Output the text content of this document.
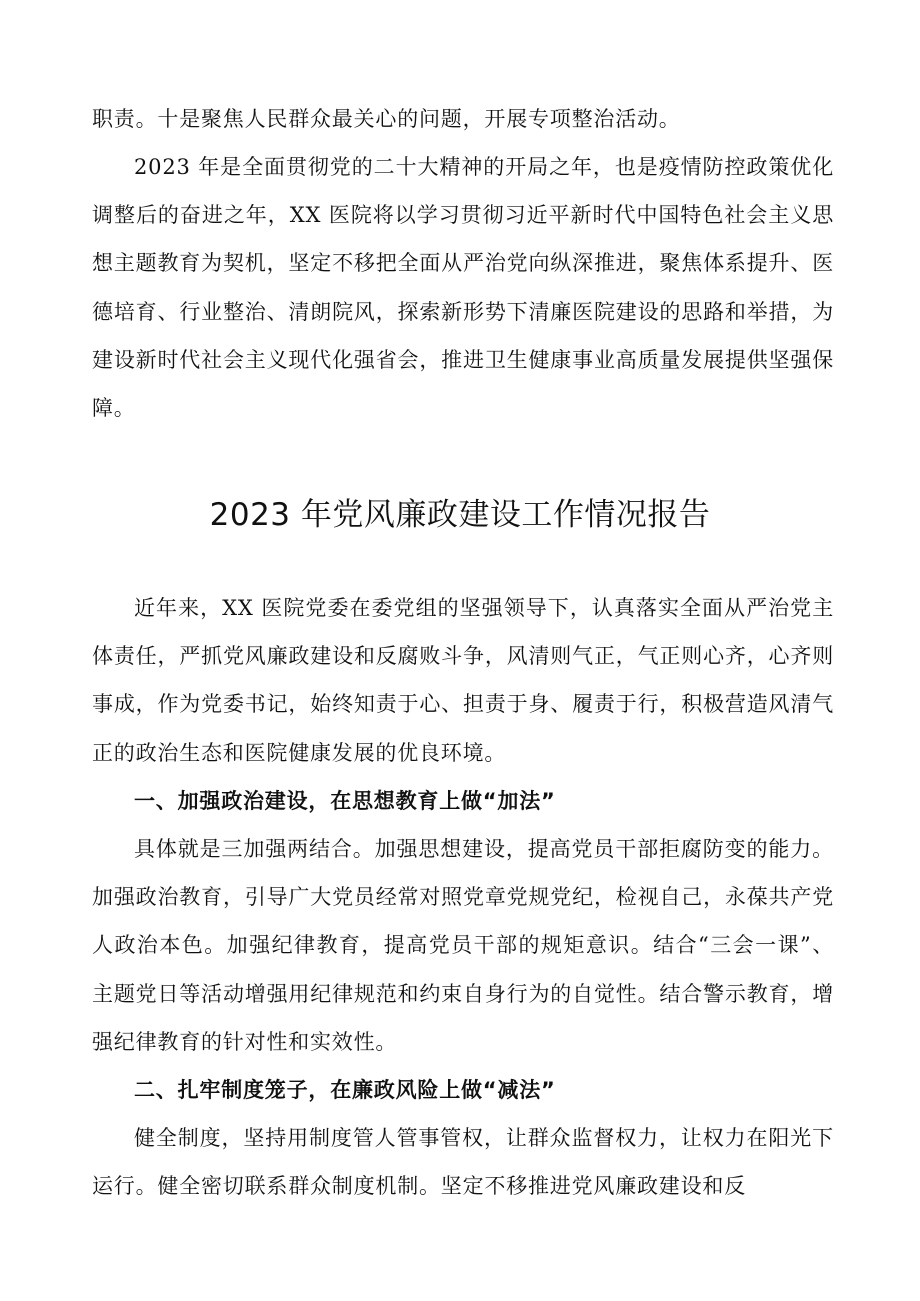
职责。十是聚焦人民群众最关心的问题，开展专项整治活动。

2023 年是全面贯彻党的二十大精神的开局之年，也是疫情防控政策优化调整后的奋进之年，XX 医院将以学习贯彻习近平新时代中国特色社会主义思想主题教育为契机，坚定不移把全面从严治党向纵深推进，聚焦体系提升、医德培育、行业整治、清朗院风，探索新形势下清廉医院建设的思路和举措，为建设新时代社会主义现代化强省会，推进卫生健康事业高质量发展提供坚强保障。

2023 年党风廉政建设工作情况报告

近年来，XX 医院党委在委党组的坚强领导下，认真落实全面从严治党主体责任，严抓党风廉政建设和反腐败斗争，风清则气正，气正则心齐，心齐则事成，作为党委书记，始终知责于心、担责于身、履责于行，积极营造风清气正的政治生态和医院健康发展的优良环境。

一、加强政治建设，在思想教育上做“加法”

具体就是三加强两结合。加强思想建设，提高党员干部拒腐防变的能力。加强政治教育，引导广大党员经常对照党章党规党纪，检视自己，永葆共产党人政治本色。加强纪律教育，提高党员干部的规矩意识。结合“三会一课”、主题党日等活动增强用纪律规范和约束自身行为的自觉性。结合警示教育，增强纪律教育的针对性和实效性。

二、扎牢制度笼子，在廉政风险上做“减法”

健全制度，坚持用制度管人管事管权，让群众监督权力，让权力在阳光下运行。健全密切联系群众制度机制。坚定不移推进党风廉政建设和反
